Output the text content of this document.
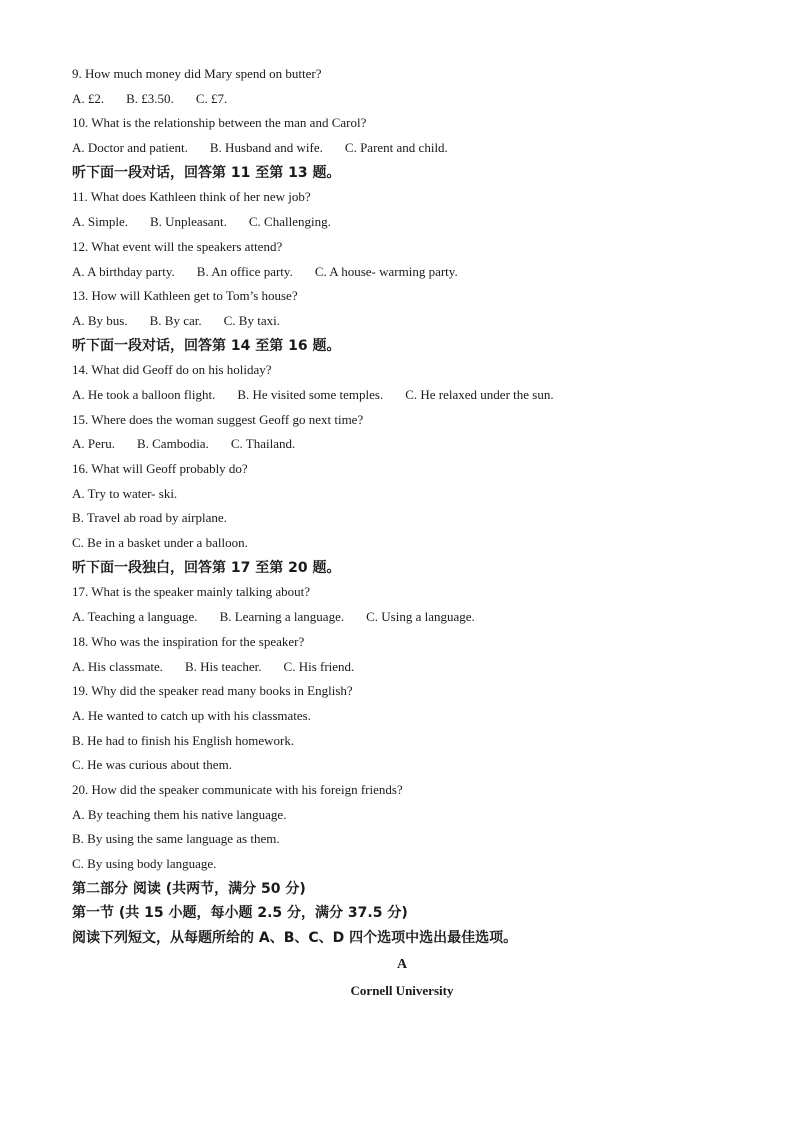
9. How much money did Mary spend on butter?
A. £2. B. £3.50. C. £7.
10. What is the relationship between the man and Carol?
A. Doctor and patient. B. Husband and wife. C. Parent and child.
听下面一段对话，回答第 11 至第 13 题。
11. What does Kathleen think of her new job?
A. Simple. B. Unpleasant. C. Challenging.
12. What event will the speakers attend?
A. A birthday party. B. An office party. C. A house- warming party.
13. How will Kathleen get to Tom’s house?
A. By bus. B. By car. C. By taxi.
听下面一段对话，回答第 14 至第 16 题。
14. What did Geoff do on his holiday?
A. He took a balloon flight. B. He visited some temples. C. He relaxed under the sun.
15. Where does the woman suggest Geoff go next time?
A. Peru. B. Cambodia. C. Thailand.
16. What will Geoff probably do?
A. Try to water- ski.
B. Travel ab road by airplane.
C. Be in a basket under a balloon.
听下面一段独白，回答第 17 至第 20 题。
17. What is the speaker mainly talking about?
A. Teaching a language. B. Learning a language. C. Using a language.
18. Who was the inspiration for the speaker?
A. His classmate. B. His teacher. C. His friend.
19. Why did the speaker read many books in English?
A. He wanted to catch up with his classmates.
B. He had to finish his English homework.
C. He was curious about them.
20. How did the speaker communicate with his foreign friends?
A. By teaching them his native language.
B. By using the same language as them.
C. By using body language.
第二部分 阅读 (共两节，满分 50 分)
第一节 (共 15 小题，每小题 2.5 分，满分 37.5 分)
阅读下列短文，从每题所给的 A、B、C、D 四个选项中选出最佳选项。
A
Cornell University
